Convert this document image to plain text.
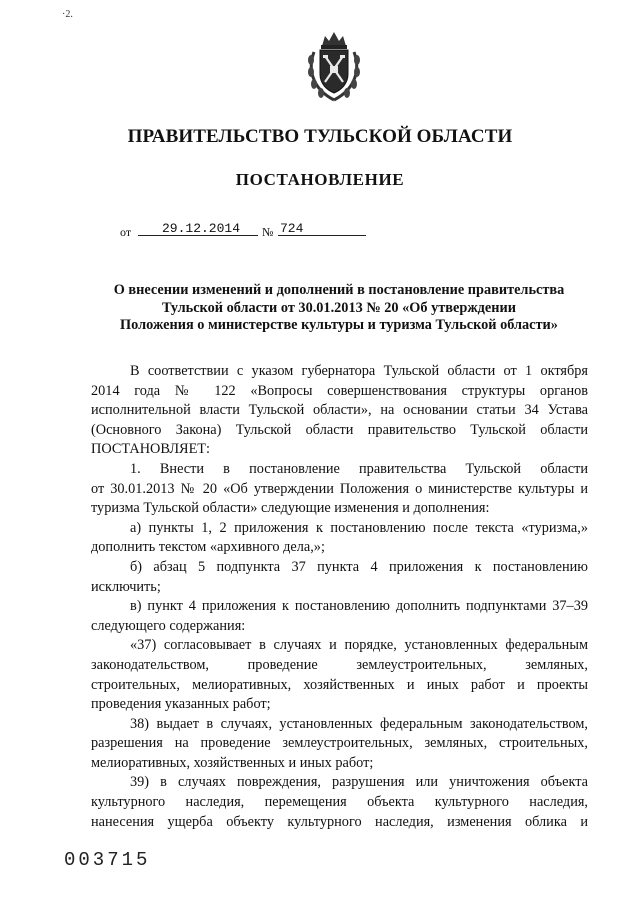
·2.
ПРАВИТЕЛЬСТВО ТУЛЬСКОЙ ОБЛАСТИ
ПОСТАНОВЛЕНИЕ
от	29.12.2014	№ 724
О внесении изменений и дополнений в постановление правительства
Тульской области от 30.01.2013 № 20 «Об утверждении
Положения о министерстве культуры и туризма Тульской области»
В соответствии с указом губернатора Тульской области от 1 октября
2014 года № 122 «Вопросы совершенствования структуры органов
исполнительной власти Тульской области», на основании статьи 34 Устава
(Основного Закона) Тульской области правительство Тульской области
ПОСТАНОВЛЯЕТ:
1. Внести в постановление правительства Тульской области
от 30.01.2013 № 20 «Об утверждении Положения о министерстве культуры и
туризма Тульской области» следующие изменения и дополнения:
а) пункты 1, 2 приложения к постановлению после текста «туризма,»
дополнить текстом «архивного дела,»;
б) абзац 5 подпункта 37 пункта 4 приложения к постановлению
исключить;
в) пункт 4 приложения к постановлению дополнить подпунктами 37–39
следующего содержания:
«37) согласовывает в случаях и порядке, установленных федеральным
законодательством, проведение землеустроительных, земляных,
строительных, мелиоративных, хозяйственных и иных работ и проекты
проведения указанных работ;
38) выдает в случаях, установленных федеральным законодательством,
разрешения на проведение землеустроительных, земляных, строительных,
мелиоративных, хозяйственных и иных работ;
39) в случаях повреждения, разрушения или уничтожения объекта
культурного наследия, перемещения объекта культурного наследия,
нанесения ущерба объекту культурного наследия, изменения облика и
003715
